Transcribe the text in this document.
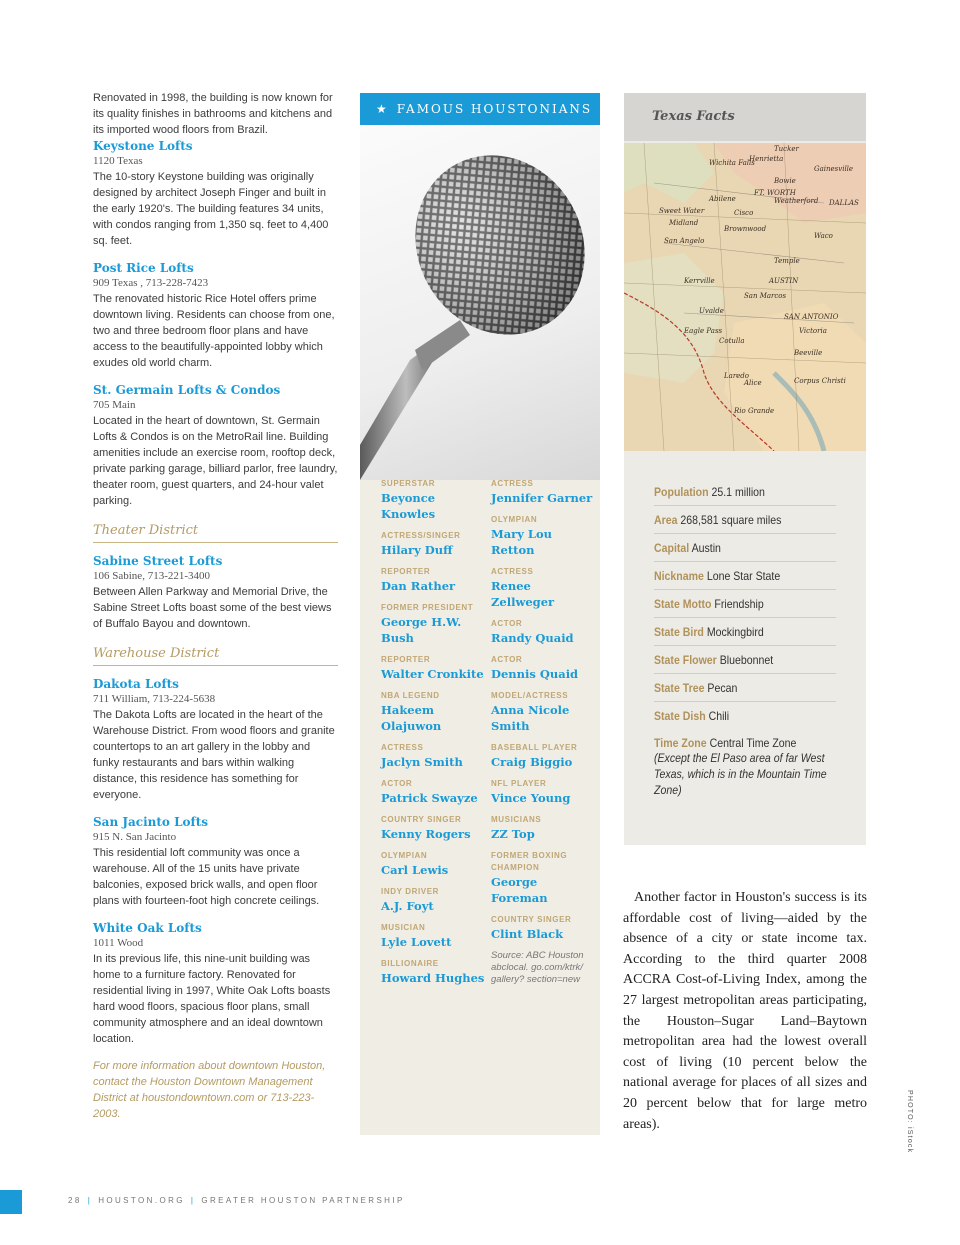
Renovated in 1998, the building is now known for its quality finishes in bathrooms and kitchens and its imported wood floors from Brazil.

Keystone Lofts
1120 Texas
The 10-story Keystone building was originally designed by architect Joseph Finger and built in the early 1920's. The building features 34 units, with condos ranging from 1,350 sq. feet to 4,400 sq. feet.
Post Rice Lofts
909 Texas , 713-228-7423
The renovated historic Rice Hotel offers prime downtown living. Residents can choose from one, two and three bedroom floor plans and have access to the beautifully-appointed lobby which exudes old world charm.
St. Germain Lofts & Condos
705 Main
Located in the heart of downtown, St. Germain Lofts & Condos is on the MetroRail line. Building amenities include an exercise room, rooftop deck, private parking garage, billiard parlor, free laundry, theater room, guest quarters, and 24-hour valet parking.
Theater District
Sabine Street Lofts
106 Sabine, 713-221-3400
Between Allen Parkway and Memorial Drive, the Sabine Street Lofts boast some of the best views of Buffalo Bayou and downtown.
Warehouse District
Dakota Lofts
711 William, 713-224-5638
The Dakota Lofts are located in the heart of the Warehouse District. From wood floors and granite countertops to an art gallery in the lobby and funky restaurants and bars within walking distance, this residence has something for everyone.
San Jacinto Lofts
915 N. San Jacinto
This residential loft community was once a warehouse. All of the 15 units have private balconies, exposed brick walls, and open floor plans with fourteen-foot high concrete ceilings.
White Oak Lofts
1011 Wood
In its previous life, this nine-unit building was home to a furniture factory. Renovated for residential living in 1997, White Oak Lofts boasts hard wood floors, spacious floor plans, small community atmosphere and an ideal downtown location.

For more information about downtown Houston, contact the Houston Downtown Management District at houstondowntown.com or 713-223-2003.

★ FAMOUS HOUSTONIANS
SUPERSTAR
Beyonce Knowles
ACTRESS/SINGER
Hilary Duff
REPORTER
Dan Rather
FORMER PRESIDENT
George H.W. Bush
REPORTER
Walter Cronkite
NBA LEGEND
Hakeem Olajuwon
ACTRESS
Jaclyn Smith
ACTOR
Patrick Swayze
COUNTRY SINGER
Kenny Rogers
OLYMPIAN
Carl Lewis
INDY DRIVER
A.J. Foyt
MUSICIAN
Lyle Lovett
BILLIONAIRE
Howard Hughes
ACTRESS
Jennifer Garner
OLYMPIAN
Mary Lou Retton
ACTRESS
Renee Zellweger
ACTOR
Randy Quaid
ACTOR
Dennis Quaid
MODEL/ACTRESS
Anna Nicole Smith
BASEBALL PLAYER
Craig Biggio
NFL PLAYER
Vince Young
MUSICIANS
ZZ Top
FORMER BOXING CHAMPION
George Foreman
COUNTRY SINGER
Clint Black
Source: ABC Houston abclocal. go.com/ktrk/ gallery? section=new
Texas Facts
Tucker
Wichita Falls
Henrietta
Bowie
Gainesville
FT. WORTH
DALLAS
Weatherford
Sweet Water	Cisco
Abilene
Midland
Brownwood
Waco
San Angelo
Temple
AUSTIN
SAN ANTONIO
Uvalde
Eagle Pass
Cotulla
Beeville
Laredo
Alice	Corpus Christi
Rio Grande
Victoria
Kerrville
San Marcos
Population 25.1 million
Area 268,581 square miles
Capital Austin
Nickname Lone Star State
State Motto Friendship
State Bird Mockingbird
State Flower Bluebonnet
State Tree Pecan
State Dish Chili
Time Zone Central Time Zone
(Except the El Paso area of far West Texas, which is in the Mountain Time Zone)

Another factor in Houston's success is its affordable cost of living—aided by the absence of a city or state income tax. According to the third quarter 2008 ACCRA Cost-of-Living Index, among the 27 largest metropolitan areas participating, the Houston–Sugar Land–Baytown metropolitan area had the lowest overall cost of living (10 percent below the national average for places of all sizes and 20 percent below that for large metro areas).	PHOTO: iStock
28 | HOUSTON.ORG | GREATER HOUSTON PARTNERSHIP
